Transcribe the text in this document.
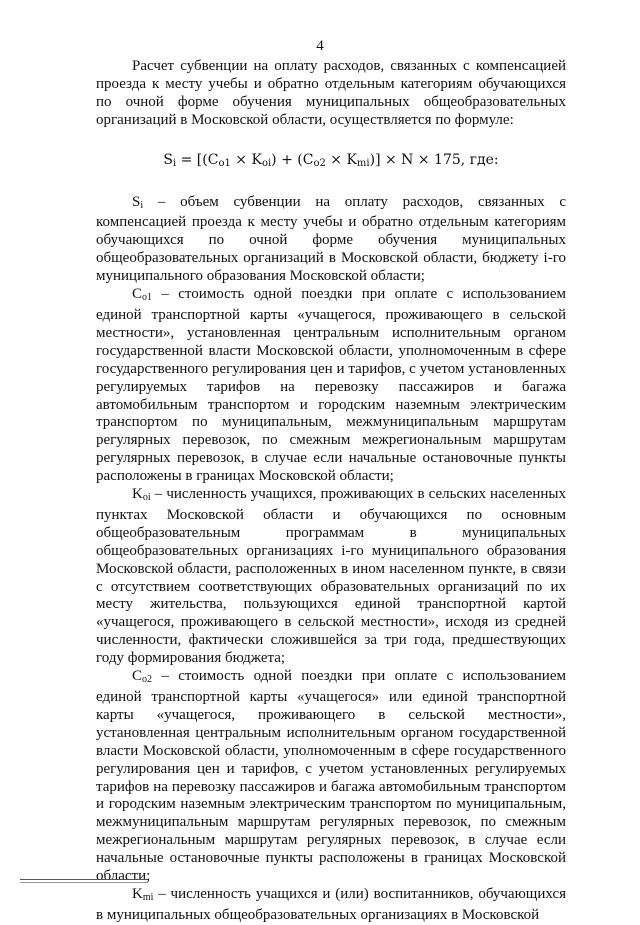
4

Расчет субвенции на оплату расходов, связанных с компенсацией проезда к месту учебы и обратно отдельным категориям обучающихся по очной форме обучения муниципальных общеобразовательных организаций в Московской области, осуществляется по формуле:

$S_i = [(C_{o1} \times K_{oi}) + (C_{o2} \times K_{mi})] \times N \times 175$, где:

$S_i$ – объем субвенции на оплату расходов, связанных с компенсацией проезда к месту учебы и обратно отдельным категориям обучающихся по очной форме обучения муниципальных общеобразовательных организаций в Московской области, бюджету i-го муниципального образования Московской области;

$C_{o1}$ – стоимость одной поездки при оплате с использованием единой транспортной карты «учащегося, проживающего в сельской местности», установленная центральным исполнительным органом государственной власти Московской области, уполномоченным в сфере государственного регулирования цен и тарифов, с учетом установленных регулируемых тарифов на перевозку пассажиров и багажа автомобильным транспортом и городским наземным электрическим транспортом по муниципальным, межмуниципальным маршрутам регулярных перевозок, по смежным межрегиональным маршрутам регулярных перевозок, в случае если начальные остановочные пункты расположены в границах Московской области;

$K_{oi}$ – численность учащихся, проживающих в сельских населенных пунктах Московской области и обучающихся по основным общеобразовательным программам в муниципальных общеобразовательных организациях i-го муниципального образования Московской области, расположенных в ином населенном пункте, в связи с отсутствием соответствующих образовательных организаций по их месту жительства, пользующихся единой транспортной картой «учащегося, проживающего в сельской местности», исходя из средней численности, фактически сложившейся за три года, предшествующих году формирования бюджета;

$C_{o2}$ – стоимость одной поездки при оплате с использованием единой транспортной карты «учащегося» или единой транспортной карты «учащегося, проживающего в сельской местности», установленная центральным исполнительным органом государственной власти Московской области, уполномоченным в сфере государственного регулирования цен и тарифов, с учетом установленных регулируемых тарифов на перевозку пассажиров и багажа автомобильным транспортом и городским наземным электрическим транспортом по муниципальным, межмуниципальным маршрутам регулярных перевозок, по смежным межрегиональным маршрутам регулярных перевозок, в случае если начальные остановочные пункты расположены в границах Московской области;

$K_{mi}$ – численность учащихся и (или) воспитанников, обучающихся в муниципальных общеобразовательных организациях в Московской
